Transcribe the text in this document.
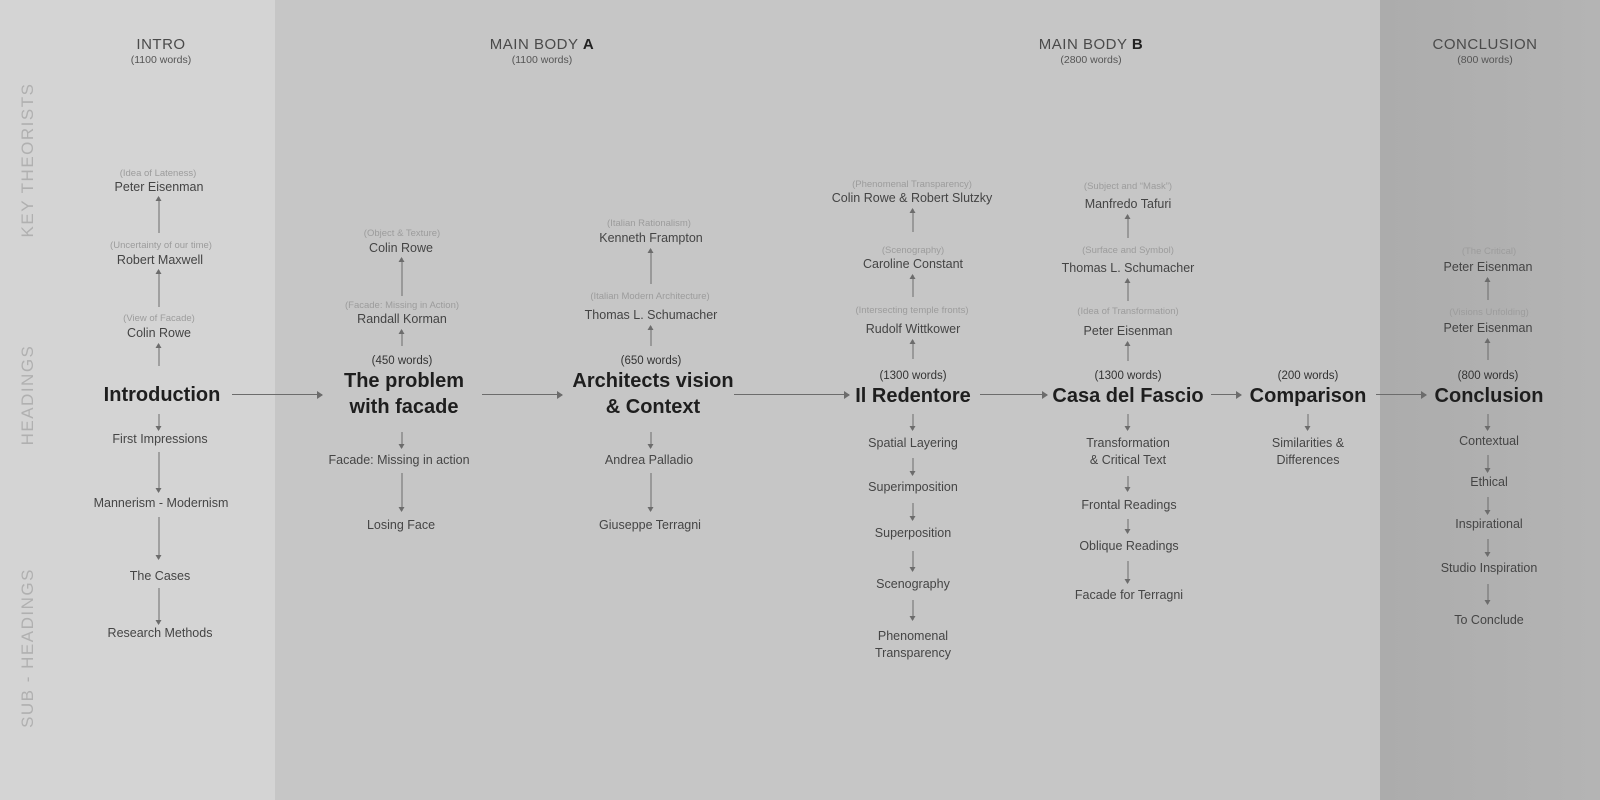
INTRO
(1100 words)
MAIN BODY A
(1100 words)
MAIN BODY B
(2800 words)
CONCLUSION
(800 words)
KEY THEORISTS
HEADINGS
SUB - HEADINGS
(Idea of Lateness)
Peter Eisenman
(Uncertainty of our time)
Robert Maxwell
(View of Facade)
Colin Rowe
Introduction
First Impressions
Mannerism - Modernism
The Cases
Research Methods
(Object & Texture)
Colin Rowe
(Facade: Missing in Action)
Randall Korman
(450 words)
The problem
with facade
Facade: Missing in action
Losing Face
(Italian Rationalism)
Kenneth Frampton
(Italian Modern Architecture)
Thomas L. Schumacher
(650 words)
Architects vision
& Context
Andrea Palladio
Giuseppe Terragni
(Phenomenal Transparency)
Colin Rowe & Robert Slutzky
(Scenography)
Caroline Constant
(Intersecting temple fronts)
Rudolf Wittkower
(1300 words)
Il Redentore
Spatial Layering
Superimposition
Superposition
Scenography
Phenomenal
Transparency
(Subject and “Mask”)
Manfredo Tafuri
(Surface and Symbol)
Thomas L. Schumacher
(Idea of Transformation)
Peter Eisenman
(1300 words)
Casa del Fascio
Transformation
& Critical Text
Frontal Readings
Oblique Readings
Facade for Terragni
(200 words)
Comparison
Similarities &
Differences
(The Critical)
Peter Eisenman
(Visions Unfolding)
Peter Eisenman
(800 words)
Conclusion
Contextual
Ethical
Inspirational
Studio Inspiration
To Conclude
